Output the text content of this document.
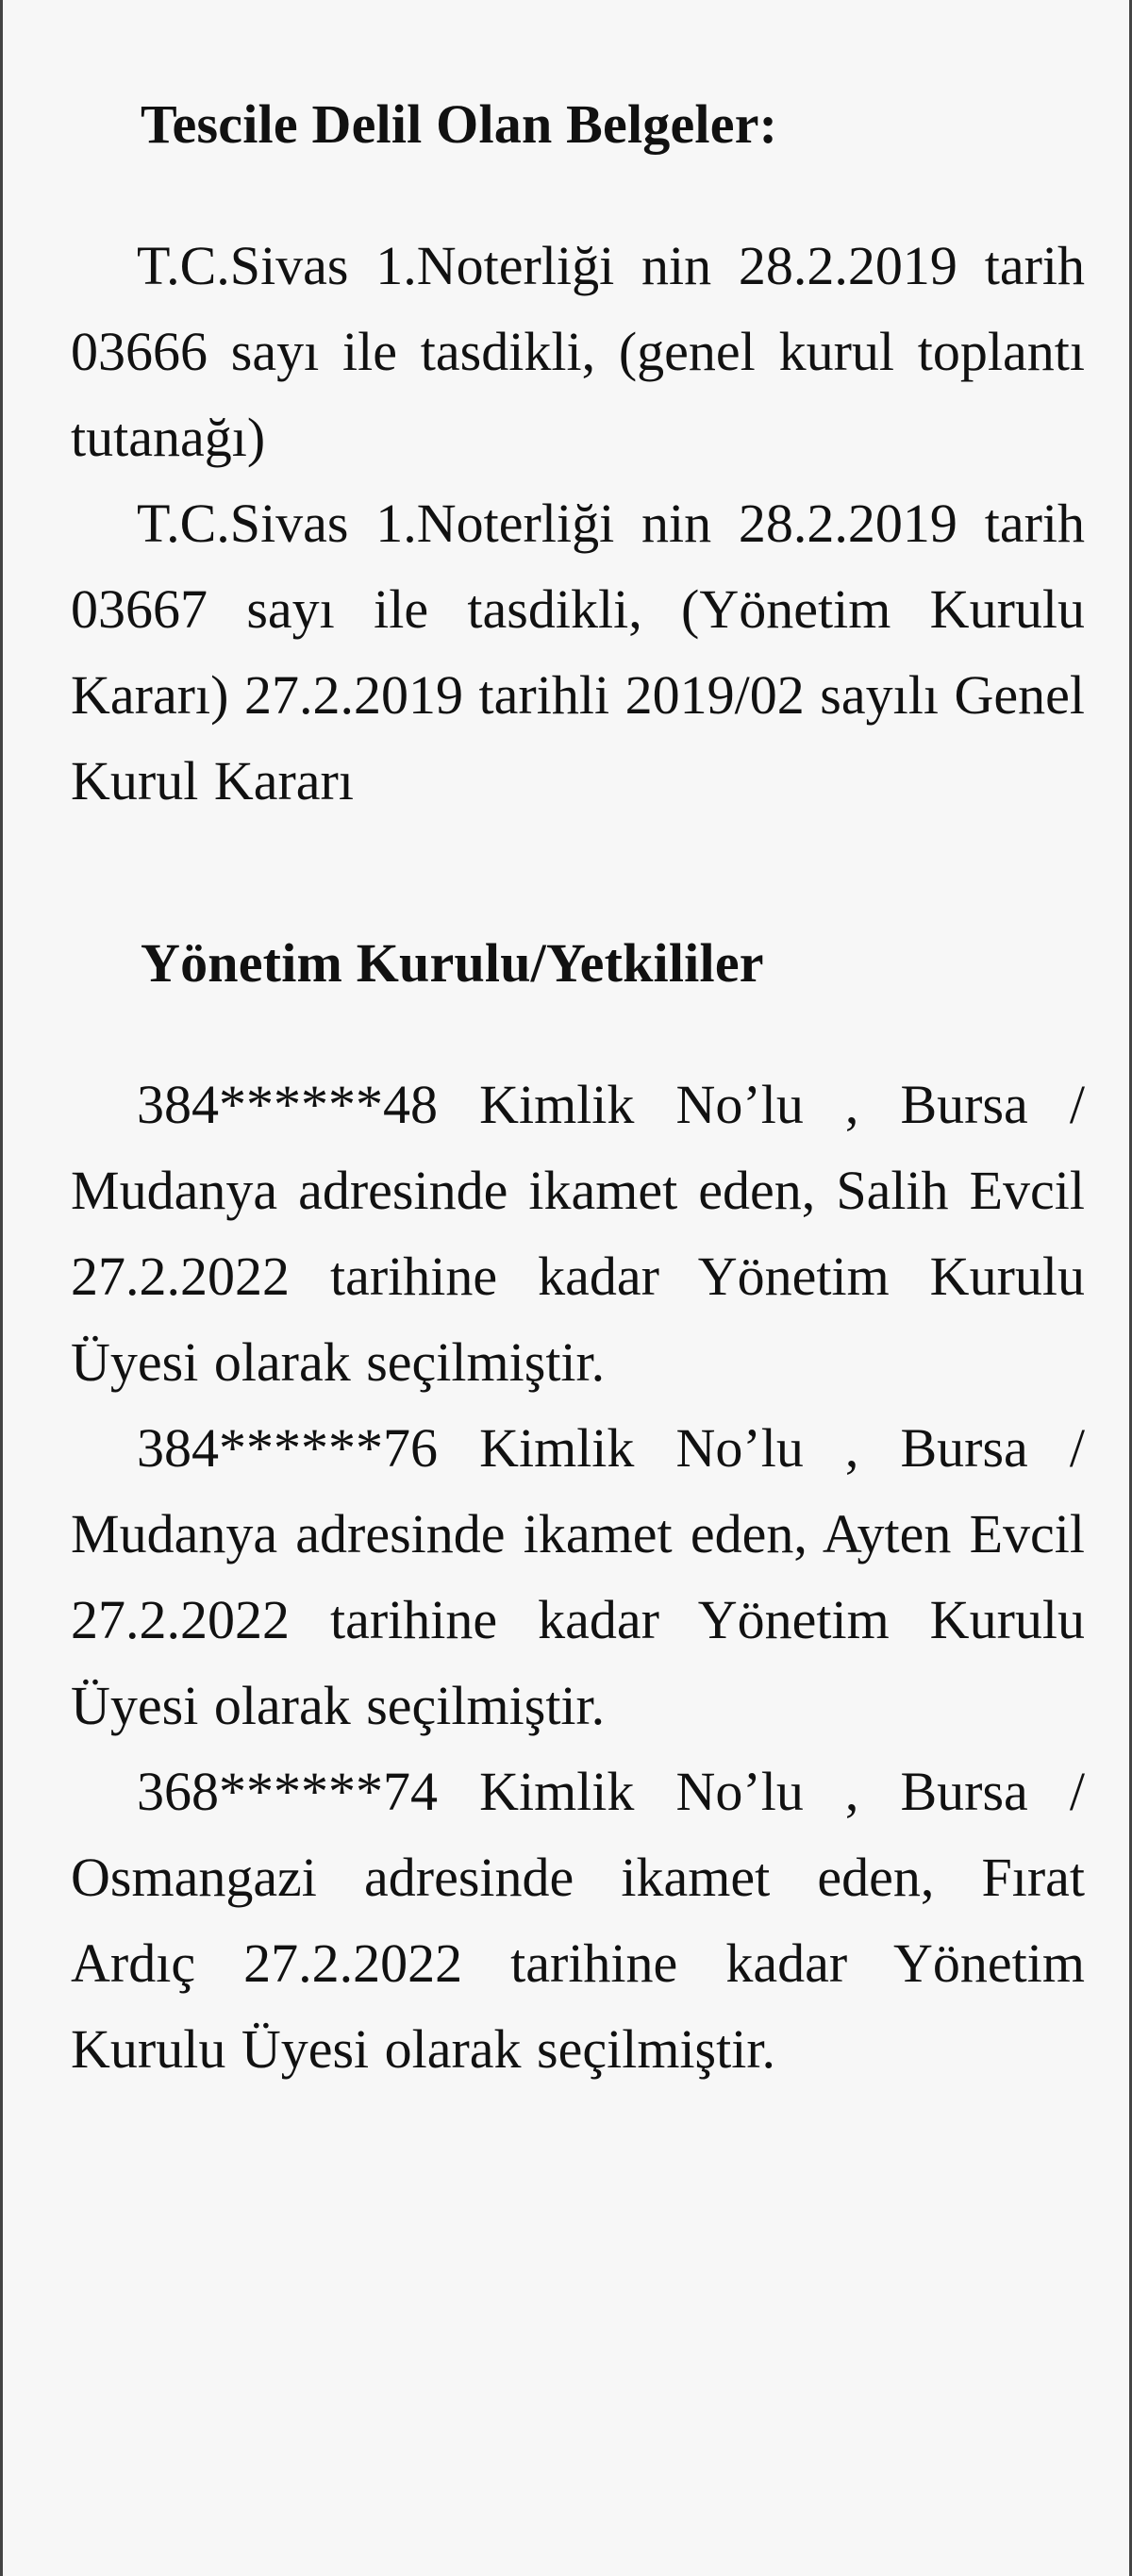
Tescile Delil Olan Belgeler:

T.C.Sivas 1.Noterliği nin 28.2.2019 tarih 03666 sayı ile tasdikli, (genel kurul toplantı tutanağı)

T.C.Sivas 1.Noterliği nin 28.2.2019 tarih 03667 sayı ile tasdikli, (Yönetim Kurulu Kararı) 27.2.2019 tarihli 2019/02 sayılı Genel Kurul Kararı

Yönetim Kurulu/Yetkililer

384******48 Kimlik No’lu , Bursa / Mudanya adresinde ikamet eden, Salih Evcil 27.2.2022 tarihine kadar Yönetim Kurulu Üyesi olarak seçilmiştir.

384******76 Kimlik No’lu , Bursa / Mudanya adresinde ikamet eden, Ayten Evcil 27.2.2022 tarihine kadar Yönetim Kurulu Üyesi olarak seçilmiştir.

368******74 Kimlik No’lu , Bursa / Osmangazi adresinde ikamet eden, Fırat Ardıç 27.2.2022 tarihine kadar Yönetim Kurulu Üyesi olarak seçilmiştir.
